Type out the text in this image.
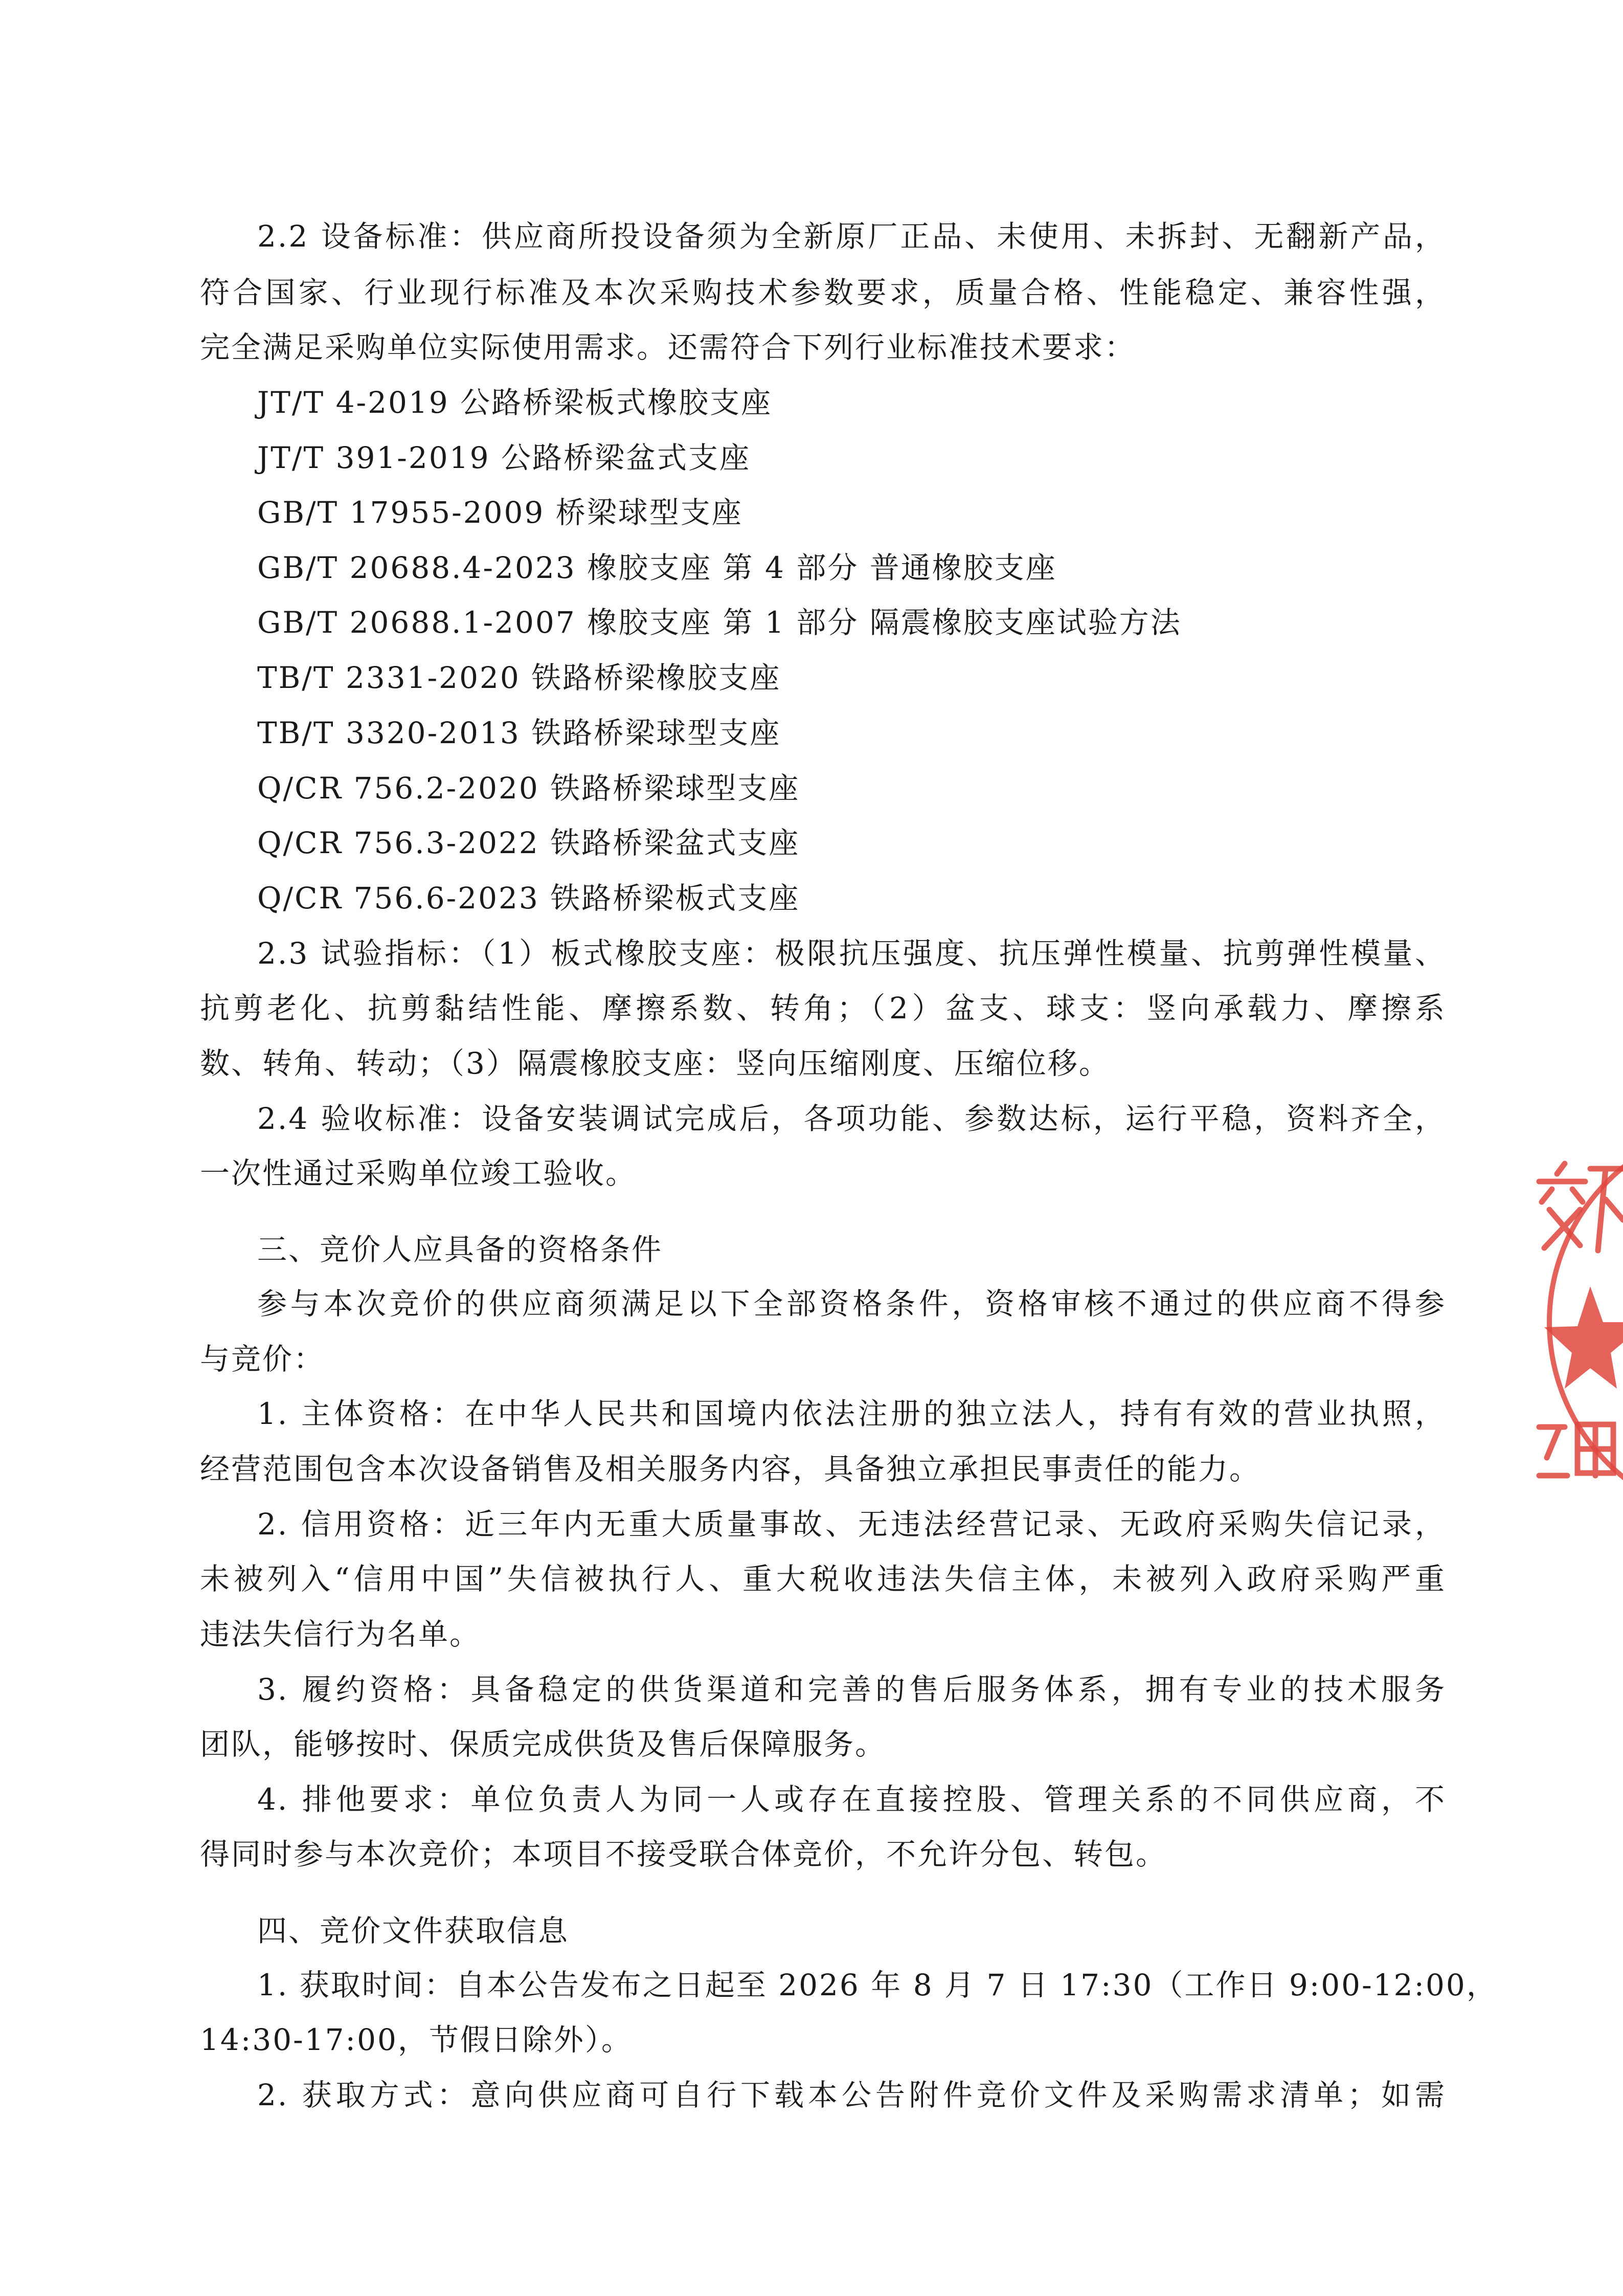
2.2 设备标准：供应商所投设备须为全新原厂正品、未使用、未拆封、无翻新产品，
符合国家、行业现行标准及本次采购技术参数要求，质量合格、性能稳定、兼容性强，
完全满足采购单位实际使用需求。还需符合下列行业标准技术要求：
JT/T 4-2019 公路桥梁板式橡胶支座
JT/T 391-2019 公路桥梁盆式支座
GB/T 17955-2009 桥梁球型支座
GB/T 20688.4-2023 橡胶支座 第 4 部分 普通橡胶支座
GB/T 20688.1-2007 橡胶支座 第 1 部分 隔震橡胶支座试验方法
TB/T 2331-2020 铁路桥梁橡胶支座
TB/T 3320-2013 铁路桥梁球型支座
Q/CR 756.2-2020 铁路桥梁球型支座
Q/CR 756.3-2022 铁路桥梁盆式支座
Q/CR 756.6-2023 铁路桥梁板式支座
2.3 试验指标：（1）板式橡胶支座：极限抗压强度、抗压弹性模量、抗剪弹性模量、
抗剪老化、抗剪黏结性能、摩擦系数、转角；（2）盆支、球支：竖向承载力、摩擦系
数、转角、转动；（3）隔震橡胶支座：竖向压缩刚度、压缩位移。
2.4 验收标准：设备安装调试完成后，各项功能、参数达标，运行平稳，资料齐全，
一次性通过采购单位竣工验收。
三、竞价人应具备的资格条件
参与本次竞价的供应商须满足以下全部资格条件，资格审核不通过的供应商不得参
与竞价：
1. 主体资格：在中华人民共和国境内依法注册的独立法人，持有有效的营业执照，
经营范围包含本次设备销售及相关服务内容，具备独立承担民事责任的能力。
2. 信用资格：近三年内无重大质量事故、无违法经营记录、无政府采购失信记录，
未被列入“信用中国”失信被执行人、重大税收违法失信主体，未被列入政府采购严重
违法失信行为名单。
3. 履约资格：具备稳定的供货渠道和完善的售后服务体系，拥有专业的技术服务
团队，能够按时、保质完成供货及售后保障服务。
4. 排他要求：单位负责人为同一人或存在直接控股、管理关系的不同供应商，不
得同时参与本次竞价；本项目不接受联合体竞价，不允许分包、转包。
四、竞价文件获取信息
1. 获取时间：自本公告发布之日起至 2026 年 8 月 7 日 17:30（工作日 9:00-12:00，
14:30-17:00，节假日除外）。
2. 获取方式：意向供应商可自行下载本公告附件竞价文件及采购需求清单；如需
